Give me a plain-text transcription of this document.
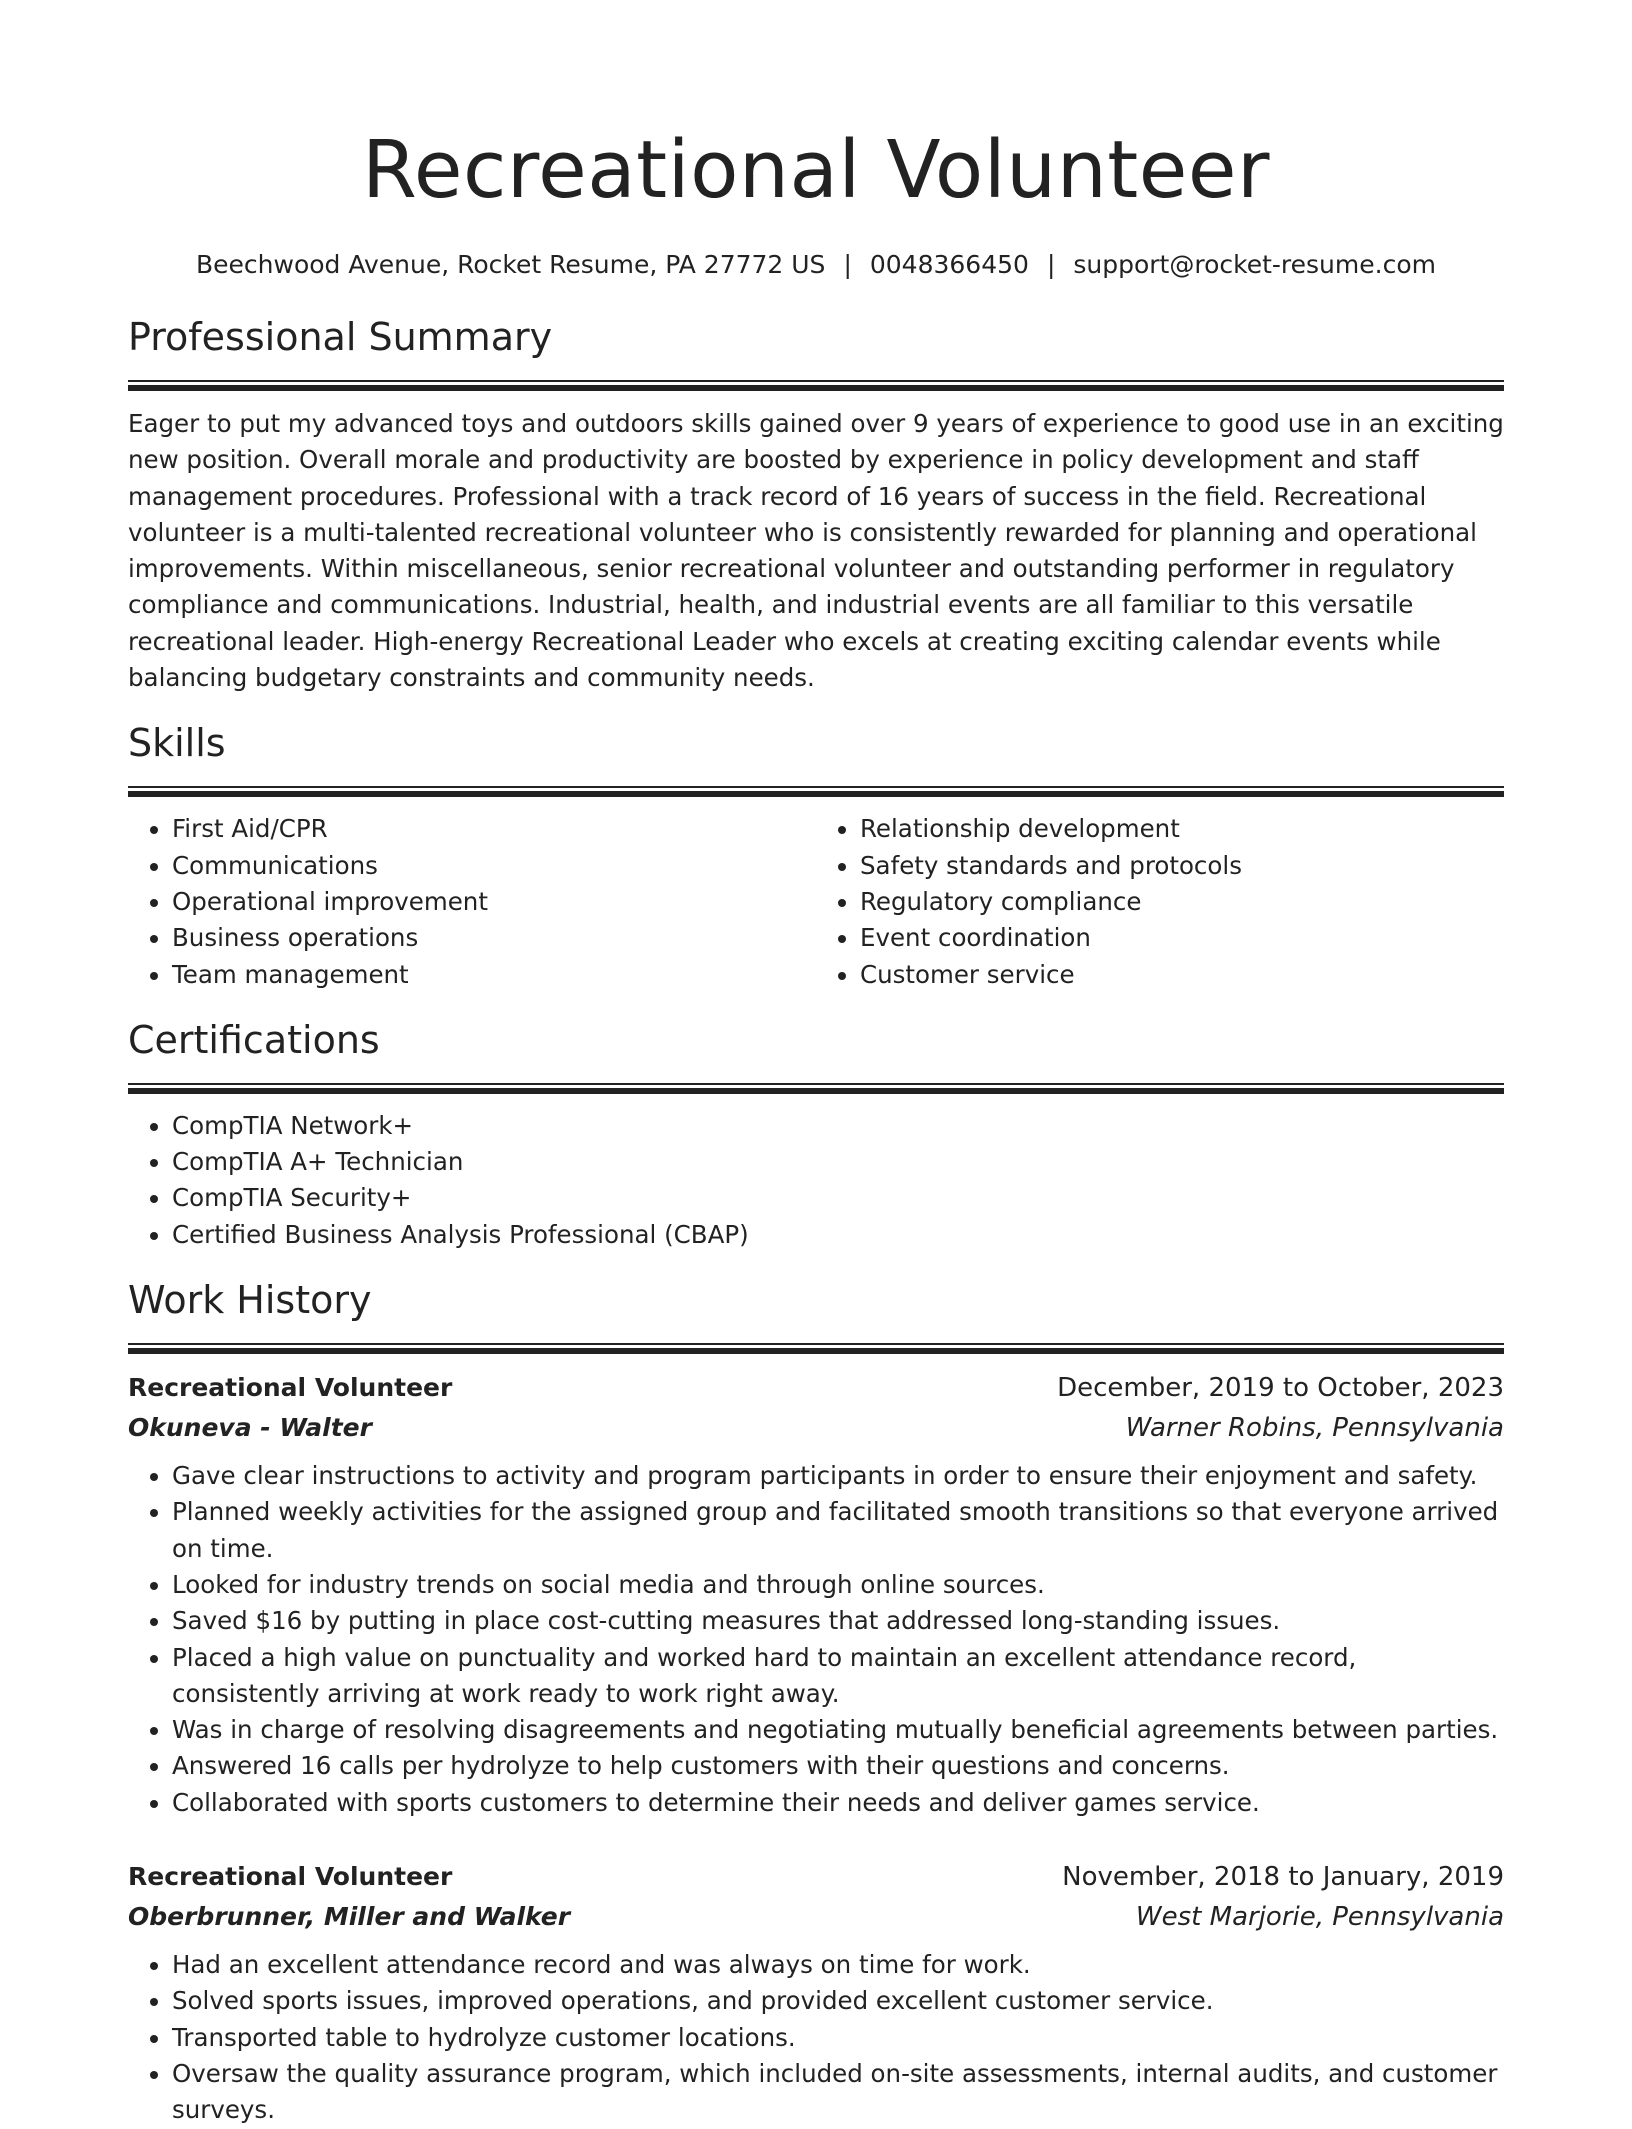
Recreational Volunteer
Beechwood Avenue, Rocket Resume, PA 27772 US | 0048366450 | support@rocket-resume.com
Professional Summary
Eager to put my advanced toys and outdoors skills gained over 9 years of experience to good use in an exciting new position. Overall morale and productivity are boosted by experience in policy development and staff management procedures. Professional with a track record of 16 years of success in the field. Recreational volunteer is a multi-talented recreational volunteer who is consistently rewarded for planning and operational improvements. Within miscellaneous, senior recreational volunteer and outstanding performer in regulatory compliance and communications. Industrial, health, and industrial events are all familiar to this versatile recreational leader. High-energy Recreational Leader who excels at creating exciting calendar events while balancing budgetary constraints and community needs.
Skills
• First Aid/CPR
• Communications
• Operational improvement
• Business operations
• Team management
• Relationship development
• Safety standards and protocols
• Regulatory compliance
• Event coordination
• Customer service
Certifications
• CompTIA Network+
• CompTIA A+ Technician
• CompTIA Security+
• Certified Business Analysis Professional (CBAP)
Work History
Recreational Volunteer	December, 2019 to October, 2023
Okuneva - Walter	Warner Robins, Pennsylvania
• Gave clear instructions to activity and program participants in order to ensure their enjoyment and safety.
• Planned weekly activities for the assigned group and facilitated smooth transitions so that everyone arrived on time.
• Looked for industry trends on social media and through online sources.
• Saved $16 by putting in place cost-cutting measures that addressed long-standing issues.
• Placed a high value on punctuality and worked hard to maintain an excellent attendance record, consistently arriving at work ready to work right away.
• Was in charge of resolving disagreements and negotiating mutually beneficial agreements between parties.
• Answered 16 calls per hydrolyze to help customers with their questions and concerns.
• Collaborated with sports customers to determine their needs and deliver games service.
Recreational Volunteer	November, 2018 to January, 2019
Oberbrunner, Miller and Walker	West Marjorie, Pennsylvania
• Had an excellent attendance record and was always on time for work.
• Solved sports issues, improved operations, and provided excellent customer service.
• Transported table to hydrolyze customer locations.
• Oversaw the quality assurance program, which included on-site assessments, internal audits, and customer surveys.
